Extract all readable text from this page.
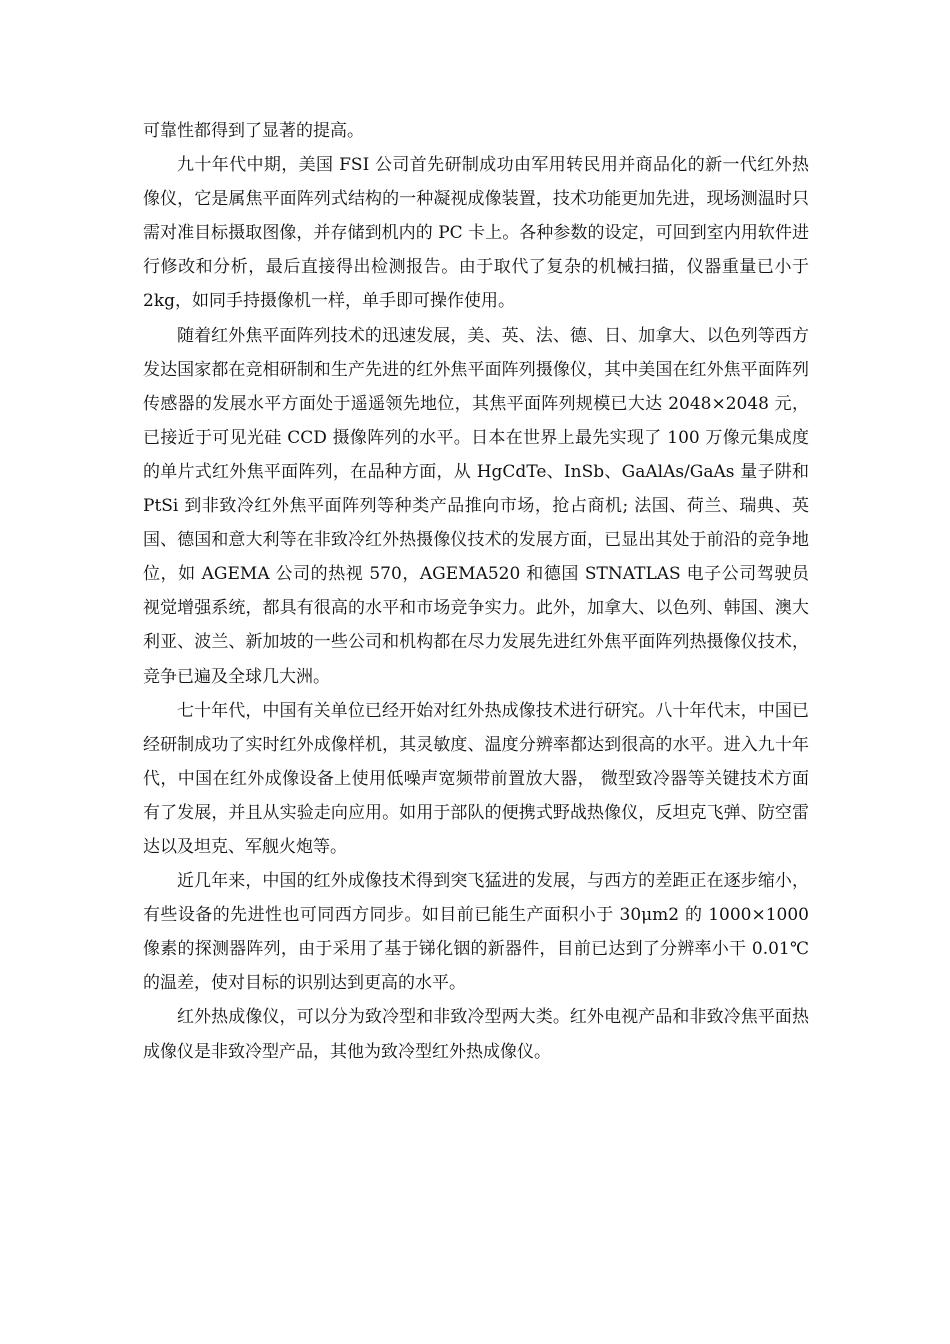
可靠性都得到了显著的提高。

九十年代中期，美国 FSI 公司首先研制成功由军用转民用并商品化的新一代红外热像仪，它是属焦平面阵列式结构的一种凝视成像装置，技术功能更加先进，现场测温时只需对准目标摄取图像，并存储到机内的 PC 卡上。各种参数的设定，可回到室内用软件进行修改和分析，最后直接得出检测报告。由于取代了复杂的机械扫描，仪器重量已小于 2kg，如同手持摄像机一样，单手即可操作使用。

随着红外焦平面阵列技术的迅速发展，美、英、法、德、日、加拿大、以色列等西方发达国家都在竞相研制和生产先进的红外焦平面阵列摄像仪，其中美国在红外焦平面阵列传感器的发展水平方面处于遥遥领先地位，其焦平面阵列规模已大达 2048×2048 元，已接近于可见光硅 CCD 摄像阵列的水平。日本在世界上最先实现了 100 万像元集成度的单片式红外焦平面阵列，在品种方面，从 HgCdTe、InSb、GaAlAs/GaAs 量子阱和 PtSi 到非致冷红外焦平面阵列等种类产品推向市场，抢占商机; 法国、荷兰、瑞典、英国、德国和意大利等在非致冷红外热摄像仪技术的发展方面，已显出其处于前沿的竞争地位，如 AGEMA 公司的热视 570，AGEMA520 和德国 STNATLAS 电子公司驾驶员视觉增强系统，都具有很高的水平和市场竞争实力。此外，加拿大、以色列、韩国、澳大利亚、波兰、新加坡的一些公司和机构都在尽力发展先进红外焦平面阵列热摄像仪技术，竞争已遍及全球几大洲。

七十年代，中国有关单位已经开始对红外热成像技术进行研究。八十年代末，中国已经研制成功了实时红外成像样机，其灵敏度、温度分辨率都达到很高的水平。进入九十年代，中国在红外成像设备上使用低噪声宽频带前置放大器， 微型致冷器等关键技术方面有了发展，并且从实验走向应用。如用于部队的便携式野战热像仪，反坦克飞弹、防空雷达以及坦克、军舰火炮等。

近几年来，中国的红外成像技术得到突飞猛进的发展，与西方的差距正在逐步缩小，有些设备的先进性也可同西方同步。如目前已能生产面积小于 30μm2 的 1000×1000 像素的探测器阵列，由于采用了基于锑化铟的新器件，目前已达到了分辨率小干 0.01℃的温差，使对目标的识别达到更高的水平。

红外热成像仪，可以分为致冷型和非致冷型两大类。红外电视产品和非致冷焦平面热成像仪是非致冷型产品，其他为致冷型红外热成像仪。
